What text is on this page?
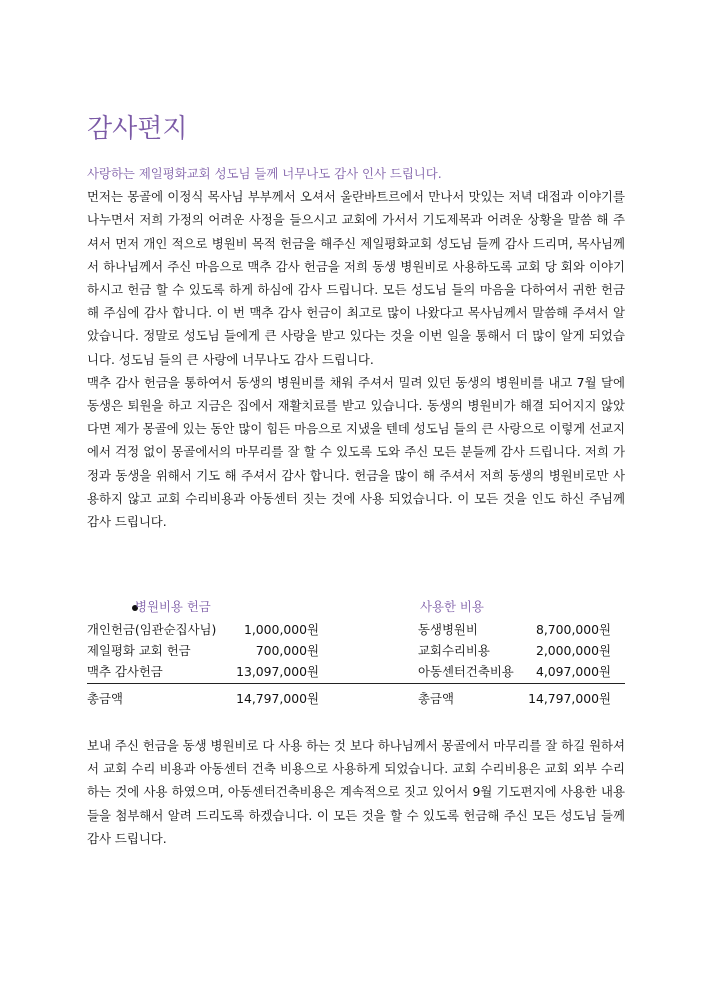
감사편지
사랑하는 제일평화교회 성도님 들께 너무나도 감사 인사 드립니다.
먼저는 몽골에 이정식 목사님 부부께서 오셔서 울란바트르에서 만나서 맛있는 저녁 대접과 이야기를 나누면서 저희 가정의 어려운 사정을 들으시고 교회에 가서서 기도제목과 어려운 상황을 말씀 해 주셔서 먼저 개인 적으로 병원비 목적 헌금을 해주신 제일평화교회 성도님 들께 감사 드리며, 목사님께서 하나님께서 주신 마음으로 맥추 감사 헌금을 저희 동생 병원비로 사용하도록 교회 당 회와 이야기하시고 헌금 할 수 있도록 하게 하심에 감사 드립니다. 모든 성도님 들의 마음을 다하여서 귀한 헌금해 주심에 감사 합니다. 이 번 맥추 감사 헌금이 최고로 많이 나왔다고 목사님께서 말씀해 주셔서 알았습니다. 정말로 성도님 들에게 큰 사랑을 받고 있다는 것을 이번 일을 통해서 더 많이 알게 되었습니다. 성도님 들의 큰 사랑에 너무나도 감사 드립니다.
맥추 감사 헌금을 통하여서 동생의 병원비를 채워 주셔서 밀려 있던 동생의 병원비를 내고 7월 달에 동생은 퇴원을 하고 지금은 집에서 재활치료를 받고 있습니다. 동생의 병원비가 해결 되어지지 않았다면 제가 몽골에 있는 동안 많이 힘든 마음으로 지냈을 텐데 성도님 들의 큰 사랑으로 이렇게 선교지 에서 걱정 없이 몽골에서의 마무리를 잘 할 수 있도록 도와 주신 모든 분들께 감사 드립니다. 저희 가정과 동생을 위해서 기도 해 주셔서 감사 합니다. 헌금을 많이 해 주셔서 저희 동생의 병원비로만 사용하지 않고 교회 수리비용과 아동센터 짓는 것에 사용 되었습니다. 이 모든 것을 인도 하신 주님께 감사 드립니다.
병원비용 헌금	사용한 비용
개인헌금(임관순집사님) 1,000,000원	동생병원비	8,700,000원
제일평화 교회 헌금	700,000원	교회수리비용	2,000,000원
맥추 감사헌금	13,097,000원	아동센터건축비용 4,097,000원
총금액	14,797,000원	총금액	14,797,000원

보내 주신 헌금을 동생 병원비로 다 사용 하는 것 보다 하나님께서 몽골에서 마무리를 잘 하길 원하셔서 교회 수리 비용과 아동센터 건축 비용으로 사용하게 되었습니다. 교회 수리비용은 교회 외부 수리하는 것에 사용 하였으며, 아동센터건축비용은 계속적으로 짓고 있어서 9월 기도편지에 사용한 내용들을 첨부해서 알려 드리도록 하겠습니다. 이 모든 것을 할 수 있도록 헌금해 주신 모든 성도님 들께 감사 드립니다.
